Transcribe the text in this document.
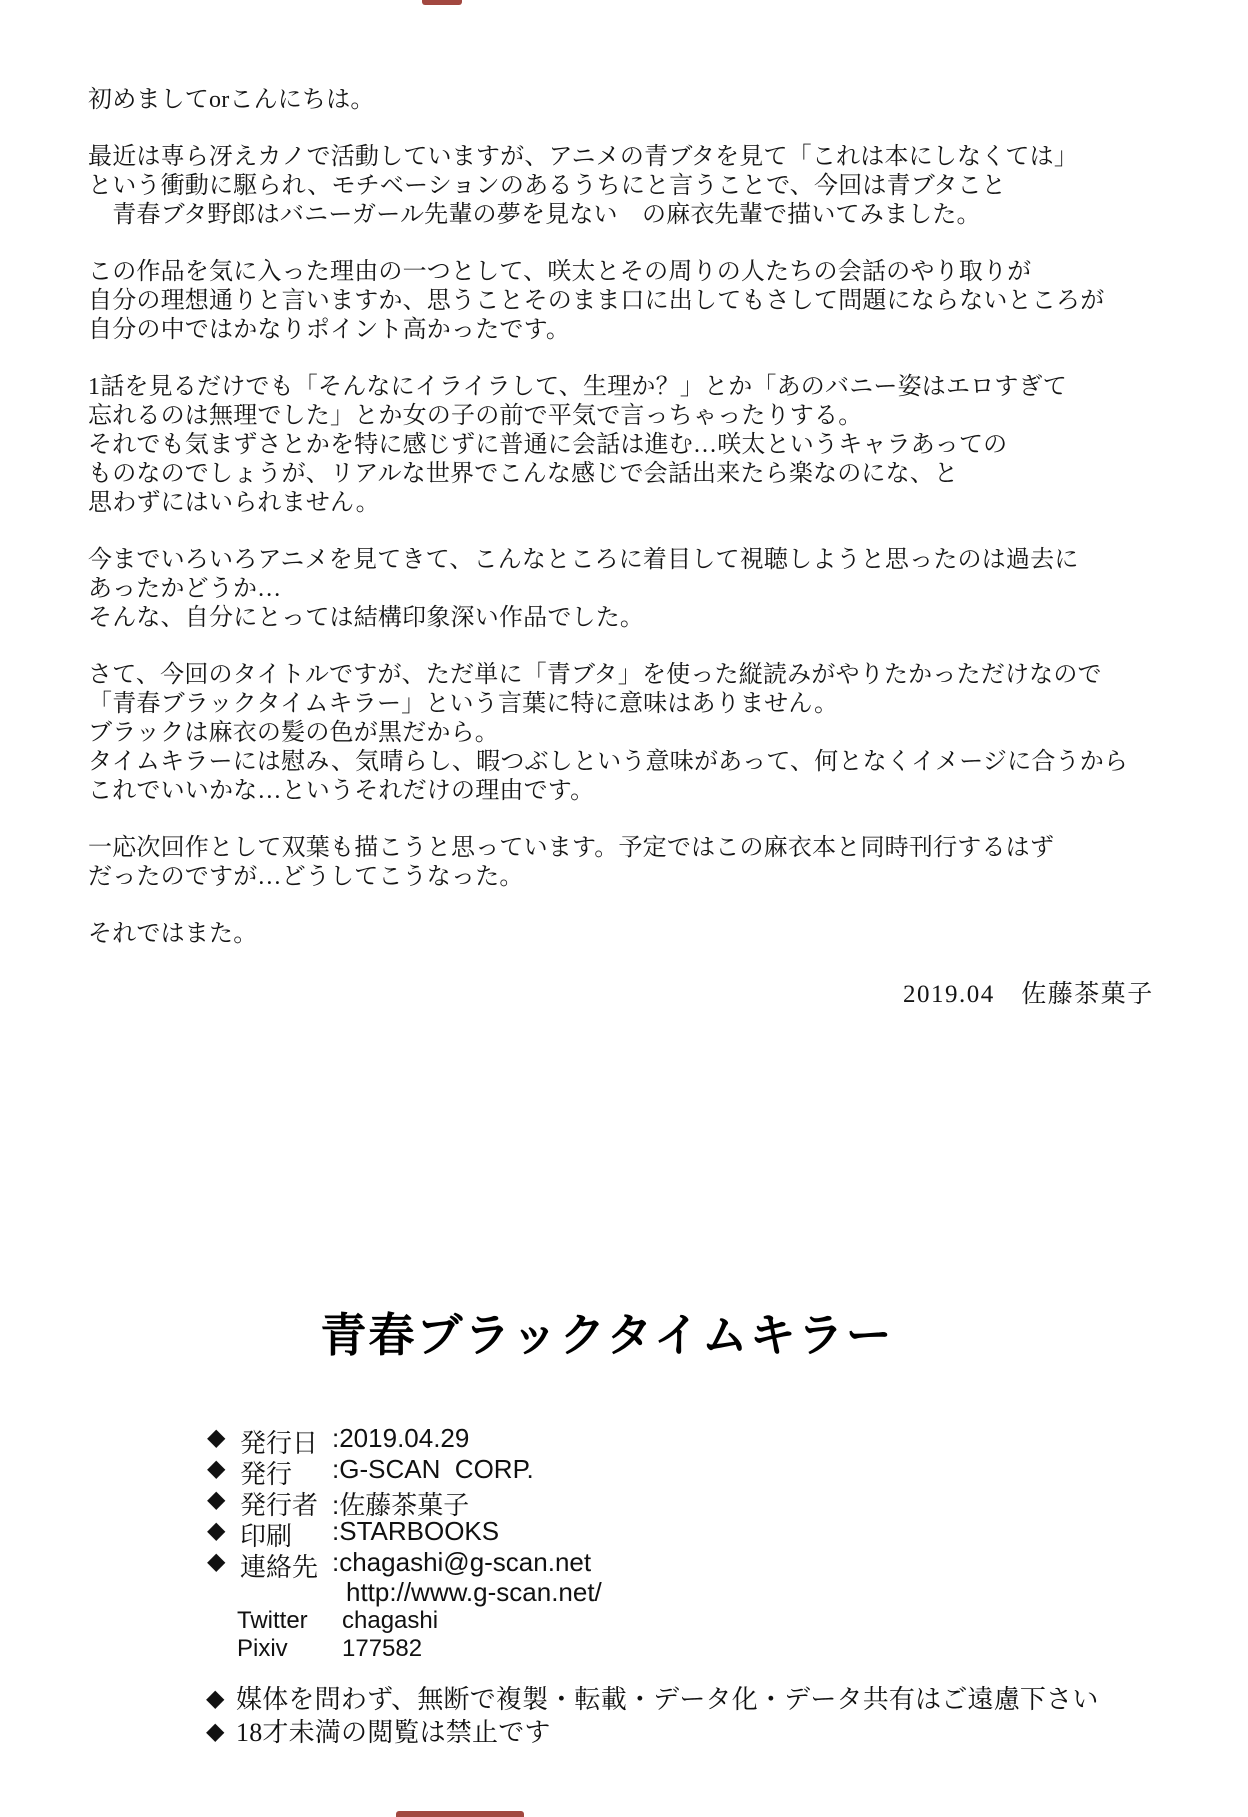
初めましてorこんにちは。

最近は専ら冴えカノで活動していますが、アニメの青ブタを見て「これは本にしなくては」
という衝動に駆られ、モチベーションのあるうちにと言うことで、今回は青ブタこと
　青春ブタ野郎はバニーガール先輩の夢を見ない　の麻衣先輩で描いてみました。

この作品を気に入った理由の一つとして、咲太とその周りの人たちの会話のやり取りが
自分の理想通りと言いますか、思うことそのまま口に出してもさして問題にならないところが
自分の中ではかなりポイント高かったです。

1話を見るだけでも「そんなにイライラして、生理か？」とか「あのバニー姿はエロすぎて
忘れるのは無理でした」とか女の子の前で平気で言っちゃったりする。
それでも気まずさとかを特に感じずに普通に会話は進む…咲太というキャラあっての
ものなのでしょうが、リアルな世界でこんな感じで会話出来たら楽なのにな、と
思わずにはいられません。

今までいろいろアニメを見てきて、こんなところに着目して視聴しようと思ったのは過去に
あったかどうか…
そんな、自分にとっては結構印象深い作品でした。

さて、今回のタイトルですが、ただ単に「青ブタ」を使った縦読みがやりたかっただけなので
「青春ブラックタイムキラー」という言葉に特に意味はありません。
ブラックは麻衣の髪の色が黒だから。
タイムキラーには慰み、気晴らし、暇つぶしという意味があって、何となくイメージに合うから
これでいいかな…というそれだけの理由です。

一応次回作として双葉も描こうと思っています。予定ではこの麻衣本と同時刊行するはず
だったのですが…どうしてこうなった。

それではまた。

2019.04　佐藤茶菓子
青春ブラックタイムキラー
◆ 発行日 :2019.04.29
◆ 発行	:G-SCAN  CORP.
◆ 発行者 :佐藤茶菓子
◆ 印刷	:STARBOOKS
◆ 連絡先 :chagashi@g-scan.net
http://www.g-scan.net/
Twitter	chagashi
Pixiv	177582
◆ 媒体を問わず、無断で複製・転載・データ化・データ共有はご遠慮下さい
◆ 18才未満の閲覧は禁止です
